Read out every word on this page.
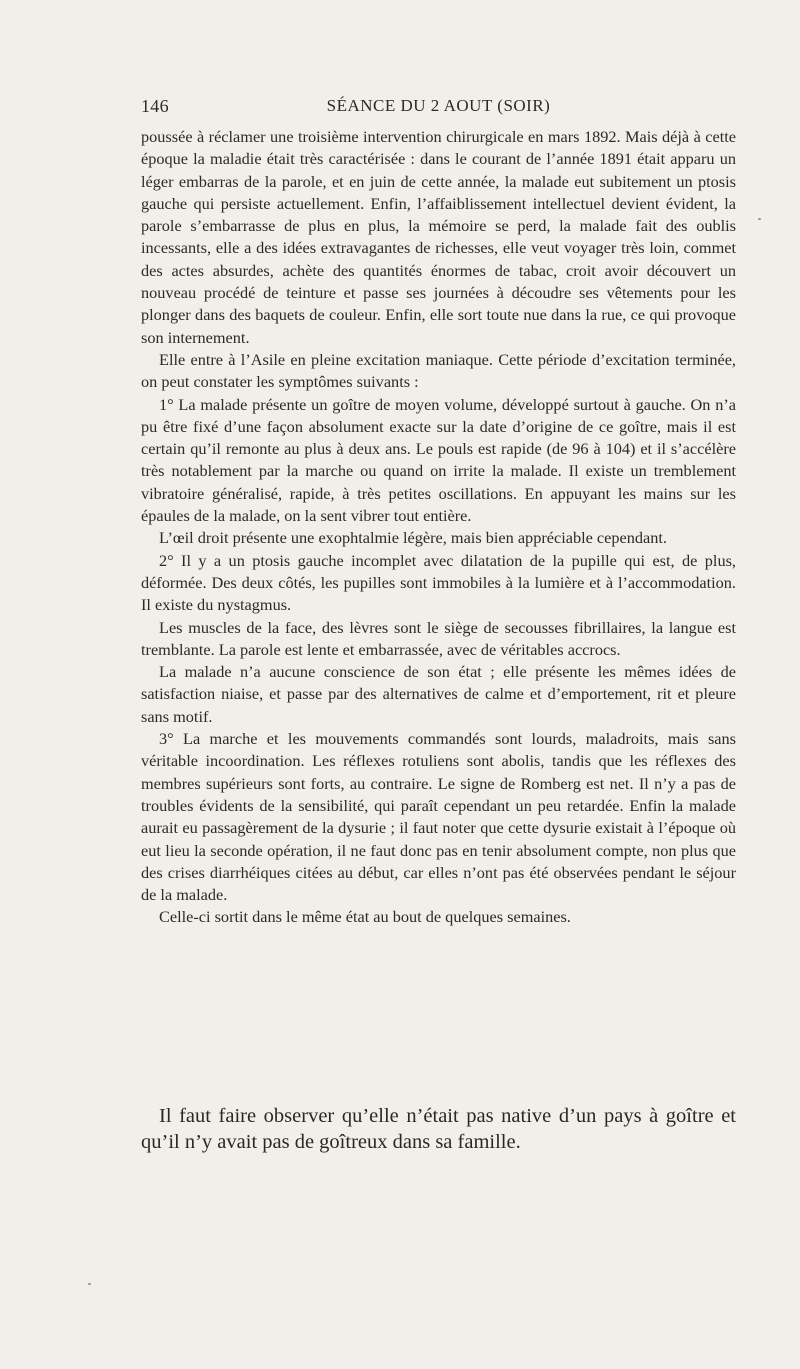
146	SÉANCE DU 2 AOUT (SOIR)

poussée à réclamer une troisième intervention chirurgicale en mars 1892. Mais déjà à cette époque la maladie était très caractérisée : dans le courant de l’année 1891 était apparu un léger embarras de la parole, et en juin de cette année, la malade eut subitement un ptosis gauche qui persiste actuellement. Enfin, l’affaiblissement intellectuel devient évident, la parole s’embarrasse de plus en plus, la mémoire se perd, la malade fait des oublis incessants, elle a des idées extravagantes de richesses, elle veut voyager très loin, commet des actes absurdes, achète des quantités énormes de tabac, croit avoir découvert un nouveau procédé de teinture et passe ses journées à découdre ses vêtements pour les plonger dans des baquets de couleur. Enfin, elle sort toute nue dans la rue, ce qui provoque son internement.

Elle entre à l’Asile en pleine excitation maniaque. Cette période d’excitation terminée, on peut constater les symptômes suivants :

1° La malade présente un goître de moyen volume, développé surtout à gauche. On n’a pu être fixé d’une façon absolument exacte sur la date d’origine de ce goître, mais il est certain qu’il remonte au plus à deux ans. Le pouls est rapide (de 96 à 104) et il s’accélère très notablement par la marche ou quand on irrite la malade. Il existe un tremblement vibratoire généralisé, rapide, à très petites oscillations. En appuyant les mains sur les épaules de la malade, on la sent vibrer tout entière.

L’œil droit présente une exophtalmie légère, mais bien appréciable cependant.

2° Il y a un ptosis gauche incomplet avec dilatation de la pupille qui est, de plus, déformée. Des deux côtés, les pupilles sont immobiles à la lumière et à l’accommodation. Il existe du nystagmus.

Les muscles de la face, des lèvres sont le siège de secousses fibrillaires, la langue est tremblante. La parole est lente et embarrassée, avec de véritables accrocs.

La malade n’a aucune conscience de son état ; elle présente les mêmes idées de satisfaction niaise, et passe par des alternatives de calme et d’emportement, rit et pleure sans motif.

3° La marche et les mouvements commandés sont lourds, maladroits, mais sans véritable incoordination. Les réflexes rotuliens sont abolis, tandis que les réflexes des membres supérieurs sont forts, au contraire. Le signe de Romberg est net. Il n’y a pas de troubles évidents de la sensibilité, qui paraît cependant un peu retardée. Enfin la malade aurait eu passagèrement de la dysurie ; il faut noter que cette dysurie existait à l’époque où eut lieu la seconde opération, il ne faut donc pas en tenir absolument compte, non plus que des crises diarrhéiques citées au début, car elles n’ont pas été observées pendant le séjour de la malade.

Celle-ci sortit dans le même état au bout de quelques semaines.

Il faut faire observer qu’elle n’était pas native d’un pays à goître et qu’il n’y avait pas de goîtreux dans sa famille.
